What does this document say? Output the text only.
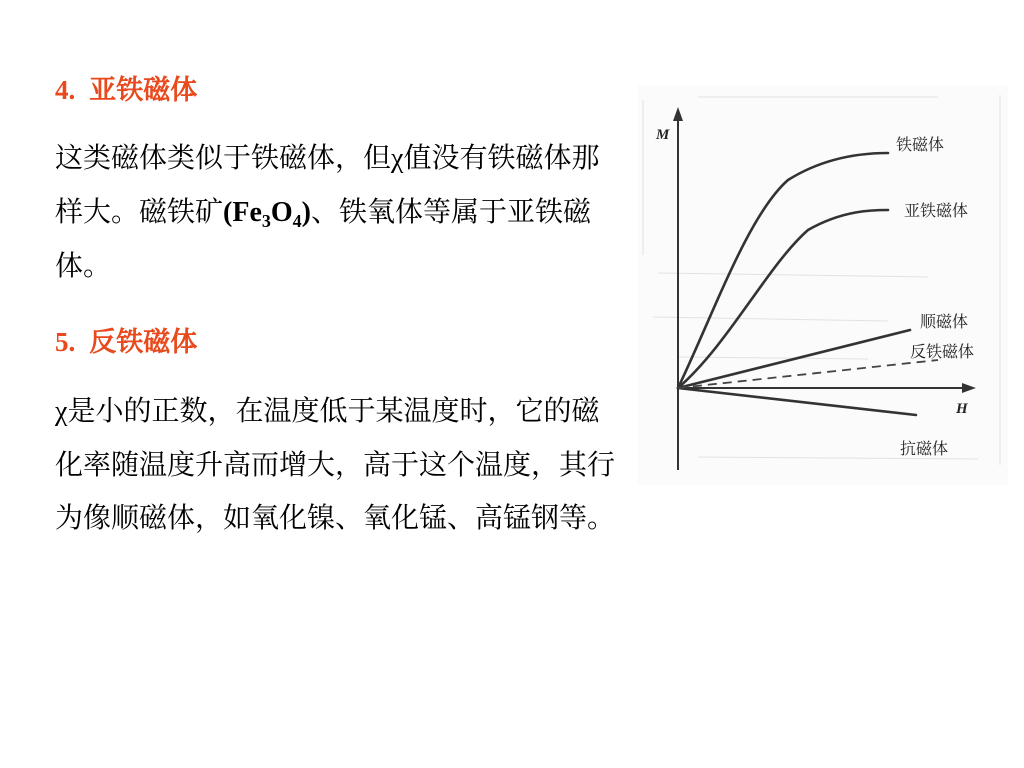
4. 亚铁磁体
这类磁体类似于铁磁体，但χ值没有铁磁体那样大。磁铁矿$(Fe_3O_4)$、铁氧体等属于亚铁磁体。
5. 反铁磁体
χ是小的正数，在温度低于某温度时，它的磁化率随温度升高而增大，高于这个温度，其行为像顺磁体，如氧化镍、氧化锰、高锰钢等。
M
H
铁磁体
亚铁磁体
顺磁体
反铁磁体
抗磁体
